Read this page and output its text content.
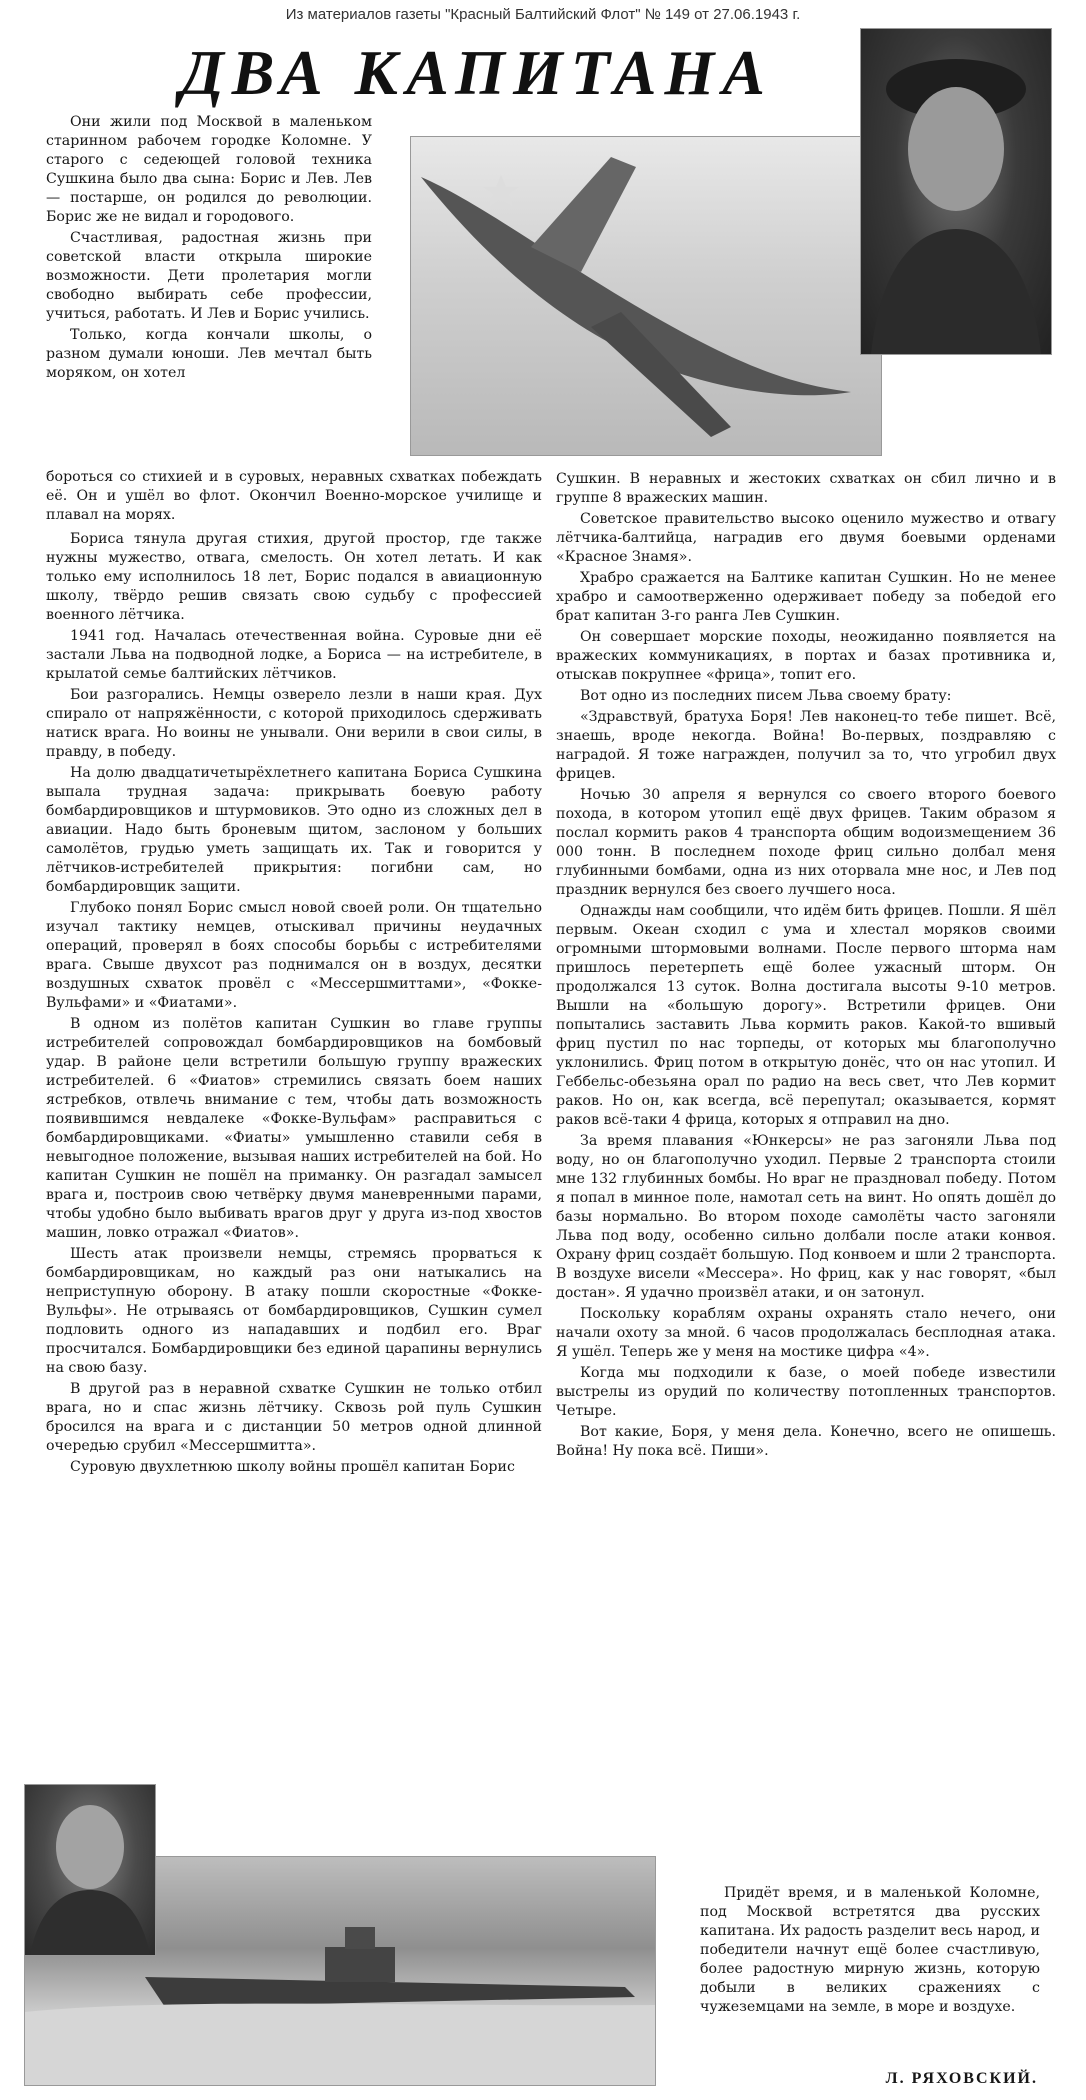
Из материалов газеты "Красный Балтийский Флот" № 149 от 27.06.1943 г.
ДВА КАПИТАНА

Они жили под Москвой в маленьком старинном рабочем городке Коломне. У старого с седеющей головой техника Сушкина было два сына: Борис и Лев. Лев — постарше, он родился до революции. Борис же не видал и городового.

Счастливая, радостная жизнь при советской власти открыла широкие возможности. Дети пролетария могли свободно выбирать себе профессии, учиться, работать. И Лев и Борис учились.

Только, когда кончали школы, о разном думали юноши. Лев мечтал быть моряком, он хотел

бороться со стихией и в суровых, неравных схватках побеждать её. Он и ушёл во флот. Окончил Военно-морское училище и плавал на морях.

Бориса тянула другая стихия, другой простор, где также нужны мужество, отвага, смелость. Он хотел летать. И как только ему исполнилось 18 лет, Борис подался в авиационную школу, твёрдо решив связать свою судьбу с профессией военного лётчика.

1941 год. Началась отечественная война. Суровые дни её застали Льва на подводной лодке, а Бориса — на истребителе, в крылатой семье балтийских лётчиков.

Бои разгорались. Немцы озверело лезли в наши края. Дух спирало от напряжённости, с которой приходилось сдерживать натиск врага. Но воины не унывали. Они верили в свои силы, в правду, в победу.

На долю двадцатичетырёхлетнего капитана Бориса Сушкина выпала трудная задача: прикрывать боевую работу бомбардировщиков и штурмовиков. Это одно из сложных дел в авиации. Надо быть броневым щитом, заслоном у больших самолётов, грудью уметь защищать их. Так и говорится у лётчиков-истребителей прикрытия: погибни сам, но бомбардировщик защити.

Глубоко понял Борис смысл новой своей роли. Он тщательно изучал тактику немцев, отыскивал причины неудачных операций, проверял в боях способы борьбы с истребителями врага. Свыше двухсот раз поднимался он в воздух, десятки воздушных схваток провёл с «Мессершмиттами», «Фокке-Вульфами» и «Фиатами».

В одном из полётов капитан Сушкин во главе группы истребителей сопровождал бомбардировщиков на бомбовый удар. В районе цели встретили большую группу вражеских истребителей. 6 «Фиатов» стремились связать боем наших ястребков, отвлечь внимание с тем, чтобы дать возможность появившимся невдалеке «Фокке-Вульфам» расправиться с бомбардировщиками. «Фиаты» умышленно ставили себя в невыгодное положение, вызывая наших истребителей на бой. Но капитан Сушкин не пошёл на приманку. Он разгадал замысел врага и, построив свою четвёрку двумя маневренными парами, чтобы удобно было выбивать врагов друг у друга из-под хвостов машин, ловко отражал «Фиатов».

Шесть атак произвели немцы, стремясь прорваться к бомбардировщикам, но каждый раз они натыкались на неприступную оборону. В атаку пошли скоростные «Фокке-Вульфы». Не отрываясь от бомбардировщиков, Сушкин сумел подловить одного из нападавших и подбил его. Враг просчитался. Бомбардировщики без единой царапины вернулись на свою базу.

В другой раз в неравной схватке Сушкин не только отбил врага, но и спас жизнь лётчику. Сквозь рой пуль Сушкин бросился на врага и с дистанции 50 метров одной длинной очередью срубил «Мессершмитта».

Суровую двухлетнюю школу войны прошёл капитан Борис

Сушкин. В неравных и жестоких схватках он сбил лично и в группе 8 вражеских машин.

Советское правительство высоко оценило мужество и отвагу лётчика-балтийца, наградив его двумя боевыми орденами «Красное Знамя».

Храбро сражается на Балтике капитан Сушкин. Но не менее храбро и самоотверженно одерживает победу за победой его брат капитан 3-го ранга Лев Сушкин.

Он совершает морские походы, неожиданно появляется на вражеских коммуникациях, в портах и базах противника и, отыскав покрупнее «фрица», топит его.

Вот одно из последних писем Льва своему брату:

«Здравствуй, братуха Боря! Лев наконец-то тебе пишет. Всё, знаешь, вроде некогда. Война! Во-первых, поздравляю с наградой. Я тоже награжден, получил за то, что угробил двух фрицев.

Ночью 30 апреля я вернулся со своего второго боевого похода, в котором утопил ещё двух фрицев. Таким образом я послал кормить раков 4 транспорта общим водоизмещением 36 000 тонн. В последнем походе фриц сильно долбал меня глубинными бомбами, одна из них оторвала мне нос, и Лев под праздник вернулся без своего лучшего носа.

Однажды нам сообщили, что идём бить фрицев. Пошли. Я шёл первым. Океан сходил с ума и хлестал моряков своими огромными штормовыми волнами. После первого шторма нам пришлось перетерпеть ещё более ужасный шторм. Он продолжался 13 суток. Волна достигала высоты 9-10 метров. Вышли на «большую дорогу». Встретили фрицев. Они попытались заставить Льва кормить раков. Какой-то вшивый фриц пустил по нас торпеды, от которых мы благополучно уклонились. Фриц потом в открытую донёс, что он нас утопил. И Геббельс-обезьяна орал по радио на весь свет, что Лев кормит раков. Но он, как всегда, всё перепутал; оказывается, кормят раков всё-таки 4 фрица, которых я отправил на дно.

За время плавания «Юнкерсы» не раз загоняли Льва под воду, но он благополучно уходил. Первые 2 транспорта стоили мне 132 глубинных бомбы. Но враг не праздновал победу. Потом я попал в минное поле, намотал сеть на винт. Но опять дошёл до базы нормально. Во втором походе самолёты часто загоняли Льва под воду, особенно сильно долбали после атаки конвоя. Охрану фриц создаёт большую. Под конвоем и шли 2 транспорта. В воздухе висели «Мессера». Но фриц, как у нас говорят, «был достан». Я удачно произвёл атаки, и он затонул.

Поскольку кораблям охраны охранять стало нечего, они начали охоту за мной. 6 часов продолжалась бесплодная атака. Я ушёл. Теперь же у меня на мостике цифра «4».

Когда мы подходили к базе, о моей победе известили выстрелы из орудий по количеству потопленных транспортов. Четыре.

Вот какие, Боря, у меня дела. Конечно, всего не опишешь. Война! Ну пока всё. Пиши».

Придёт время, и в маленькой Коломне, под Москвой встретятся два русских капитана. Их радость разделит весь народ, и победители начнут ещё более счастливую, более радостную мирную жизнь, которую добыли в великих сражениях с чужеземцами на земле, в море и воздухе.

Л. РЯХОВСКИЙ.
